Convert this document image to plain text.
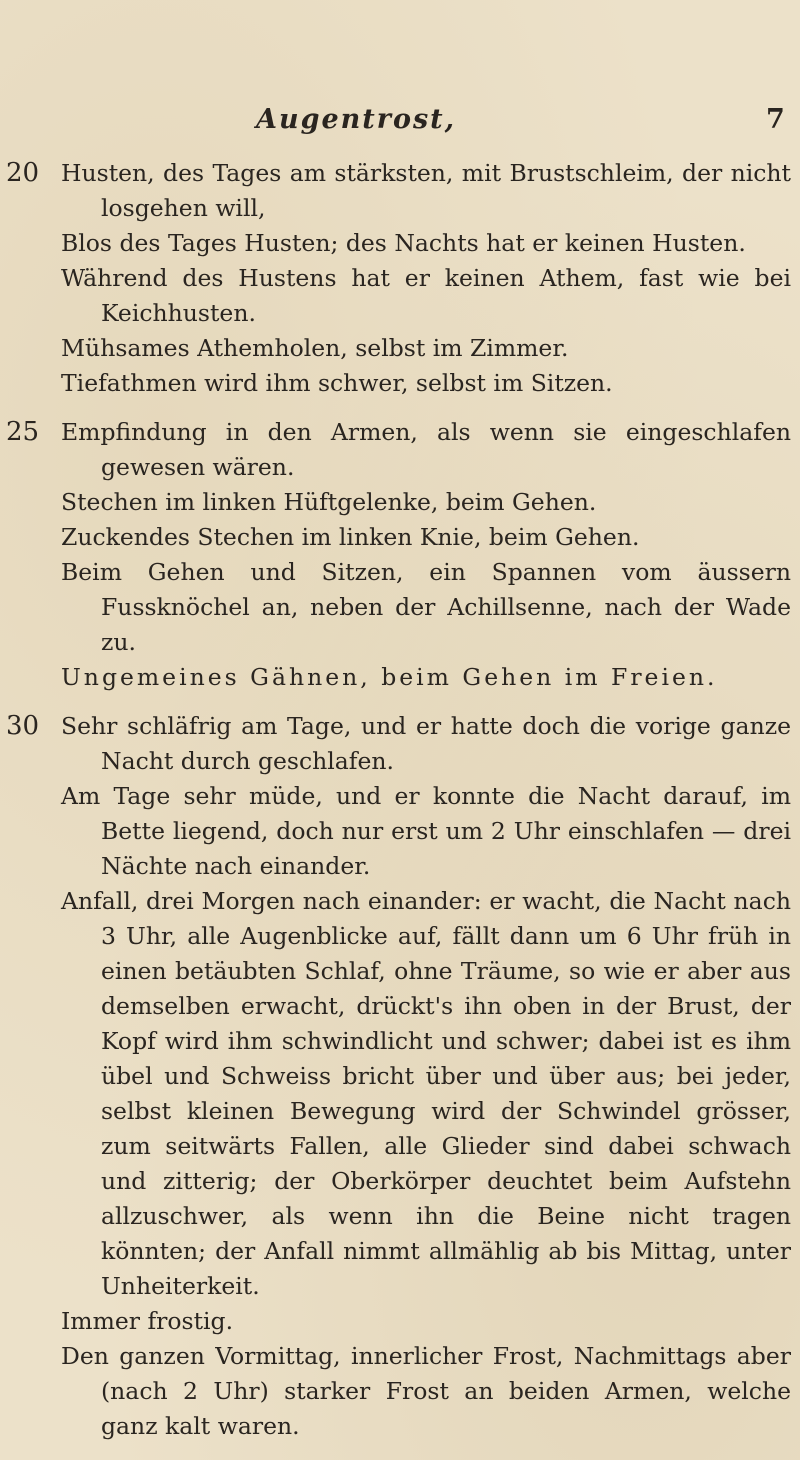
Augentrost,	7
20 Husten, des Tages am stärksten, mit Brustschleim, der nicht losgehen will,
Blos des Tages Husten; des Nachts hat er keinen Husten.
Während des Hustens hat er keinen Athem, fast wie bei Keichhusten.
Mühsames Athemholen, selbst im Zimmer.
Tiefathmen wird ihm schwer, selbst im Sitzen.
25 Empfindung in den Armen, als wenn sie eingeschlafen gewesen wären.
Stechen im linken Hüftgelenke, beim Gehen.
Zuckendes Stechen im linken Knie, beim Gehen.
Beim Gehen und Sitzen, ein Spannen vom äussern Fussknöchel an, neben der Achillsenne, nach der Wade zu.
Ungemeines Gähnen, beim Gehen im Freien.
30 Sehr schläfrig am Tage, und er hatte doch die vorige ganze Nacht durch geschlafen.
Am Tage sehr müde, und er konnte die Nacht darauf, im Bette liegend, doch nur erst um 2 Uhr einschlafen — drei Nächte nach einander.
Anfall, drei Morgen nach einander: er wacht, die Nacht nach 3 Uhr, alle Augenblicke auf, fällt dann um 6 Uhr früh in einen betäubten Schlaf, ohne Träume, so wie er aber aus demselben erwacht, drückt's ihn oben in der Brust, der Kopf wird ihm schwindlicht und schwer; dabei ist es ihm übel und Schweiss bricht über und über aus; bei jeder, selbst kleinen Bewegung wird der Schwindel grösser, zum seitwärts Fallen, alle Glieder sind dabei schwach und zitterig; der Oberkörper deuchtet beim Aufstehn allzuschwer, als wenn ihn die Beine nicht tragen könnten; der Anfall nimmt allmählig ab bis Mittag, unter Unheiterkeit.
Immer frostig.
Den ganzen Vormittag, innerlicher Frost, Nachmittags aber (nach 2 Uhr) starker Frost an beiden Armen, welche ganz kalt waren.
